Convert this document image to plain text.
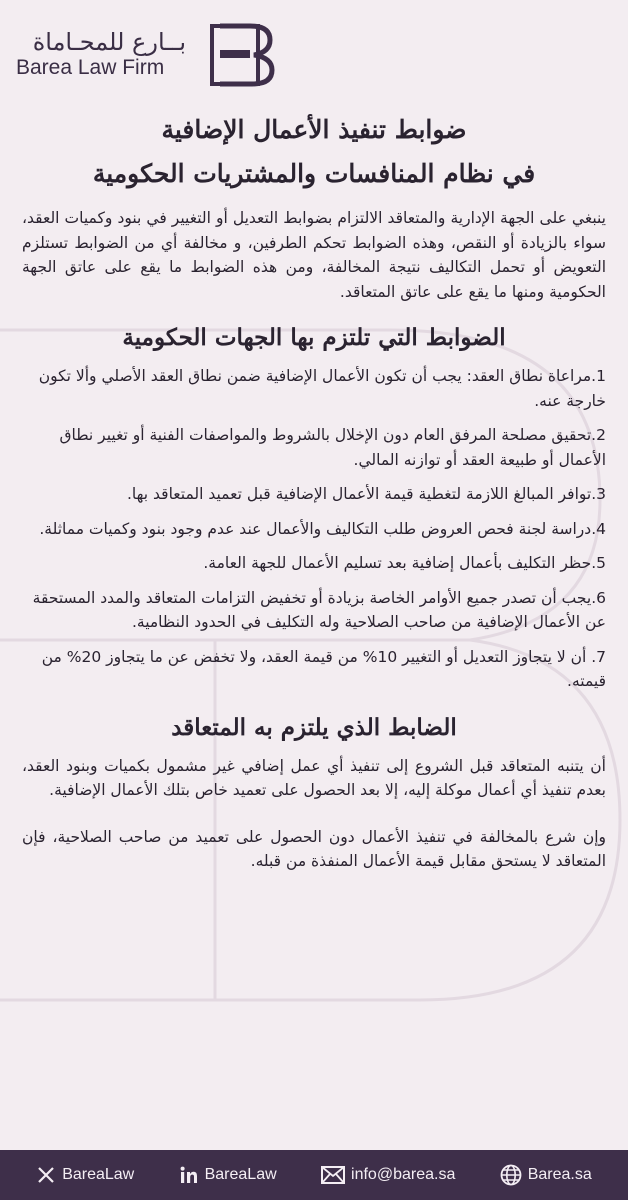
بــارع للمحـاماة
Barea Law Firm
ضوابط تنفيذ الأعمال الإضافية
في نظام المنافسات والمشتريات الحكومية

ينبغي على الجهة الإدارية والمتعاقد الالتزام بضوابط التعديل أو التغيير في بنود وكميات العقد، سواء بالزيادة أو النقص، وهذه الضوابط تحكم الطرفين، و مخالفة أي من الضوابط تستلزم التعويض أو تحمل التكاليف نتيجة المخالفة، ومن هذه الضوابط ما يقع على عاتق الجهة الحكومية ومنها ما يقع على عاتق المتعاقد.

الضوابط التي تلتزم بها الجهات الحكومية
1.مراعاة نطاق العقد: يجب أن تكون الأعمال الإضافية ضمن نطاق العقد الأصلي وألا تكون خارجة عنه.
2.تحقيق مصلحة المرفق العام دون الإخلال بالشروط والمواصفات الفنية أو تغيير نطاق الأعمال أو طبيعة العقد أو توازنه المالي.
3.توافر المبالغ اللازمة لتغطية قيمة الأعمال الإضافية قبل تعميد المتعاقد بها.
4.دراسة لجنة فحص العروض طلب التكاليف والأعمال عند عدم وجود بنود وكميات مماثلة.
5.حظر التكليف بأعمال إضافية بعد تسليم الأعمال للجهة العامة.
6.يجب أن تصدر جميع الأوامر الخاصة بزيادة أو تخفيض التزامات المتعاقد والمدد المستحقة عن الأعمال الإضافية من صاحب الصلاحية وله التكليف في الحدود النظامية.
7. أن لا يتجاوز التعديل أو التغيير 10% من قيمة العقد، ولا تخفض عن ما يتجاوز 20% من قيمته.
الضابط الذي يلتزم به المتعاقد

أن يتنبه المتعاقد قبل الشروع إلى تنفيذ أي عمل إضافي غير مشمول بكميات وبنود العقد، بعدم تنفيذ أي أعمال موكلة إليه، إلا بعد الحصول على تعميد خاص بتلك الأعمال الإضافية.

وإن شرع بالمخالفة في تنفيذ الأعمال دون الحصول على تعميد من صاحب الصلاحية، فإن المتعاقد لا يستحق مقابل قيمة الأعمال المنفذة من قبله.

BareaLaw	BareaLaw	info@barea.sa	Barea.sa
